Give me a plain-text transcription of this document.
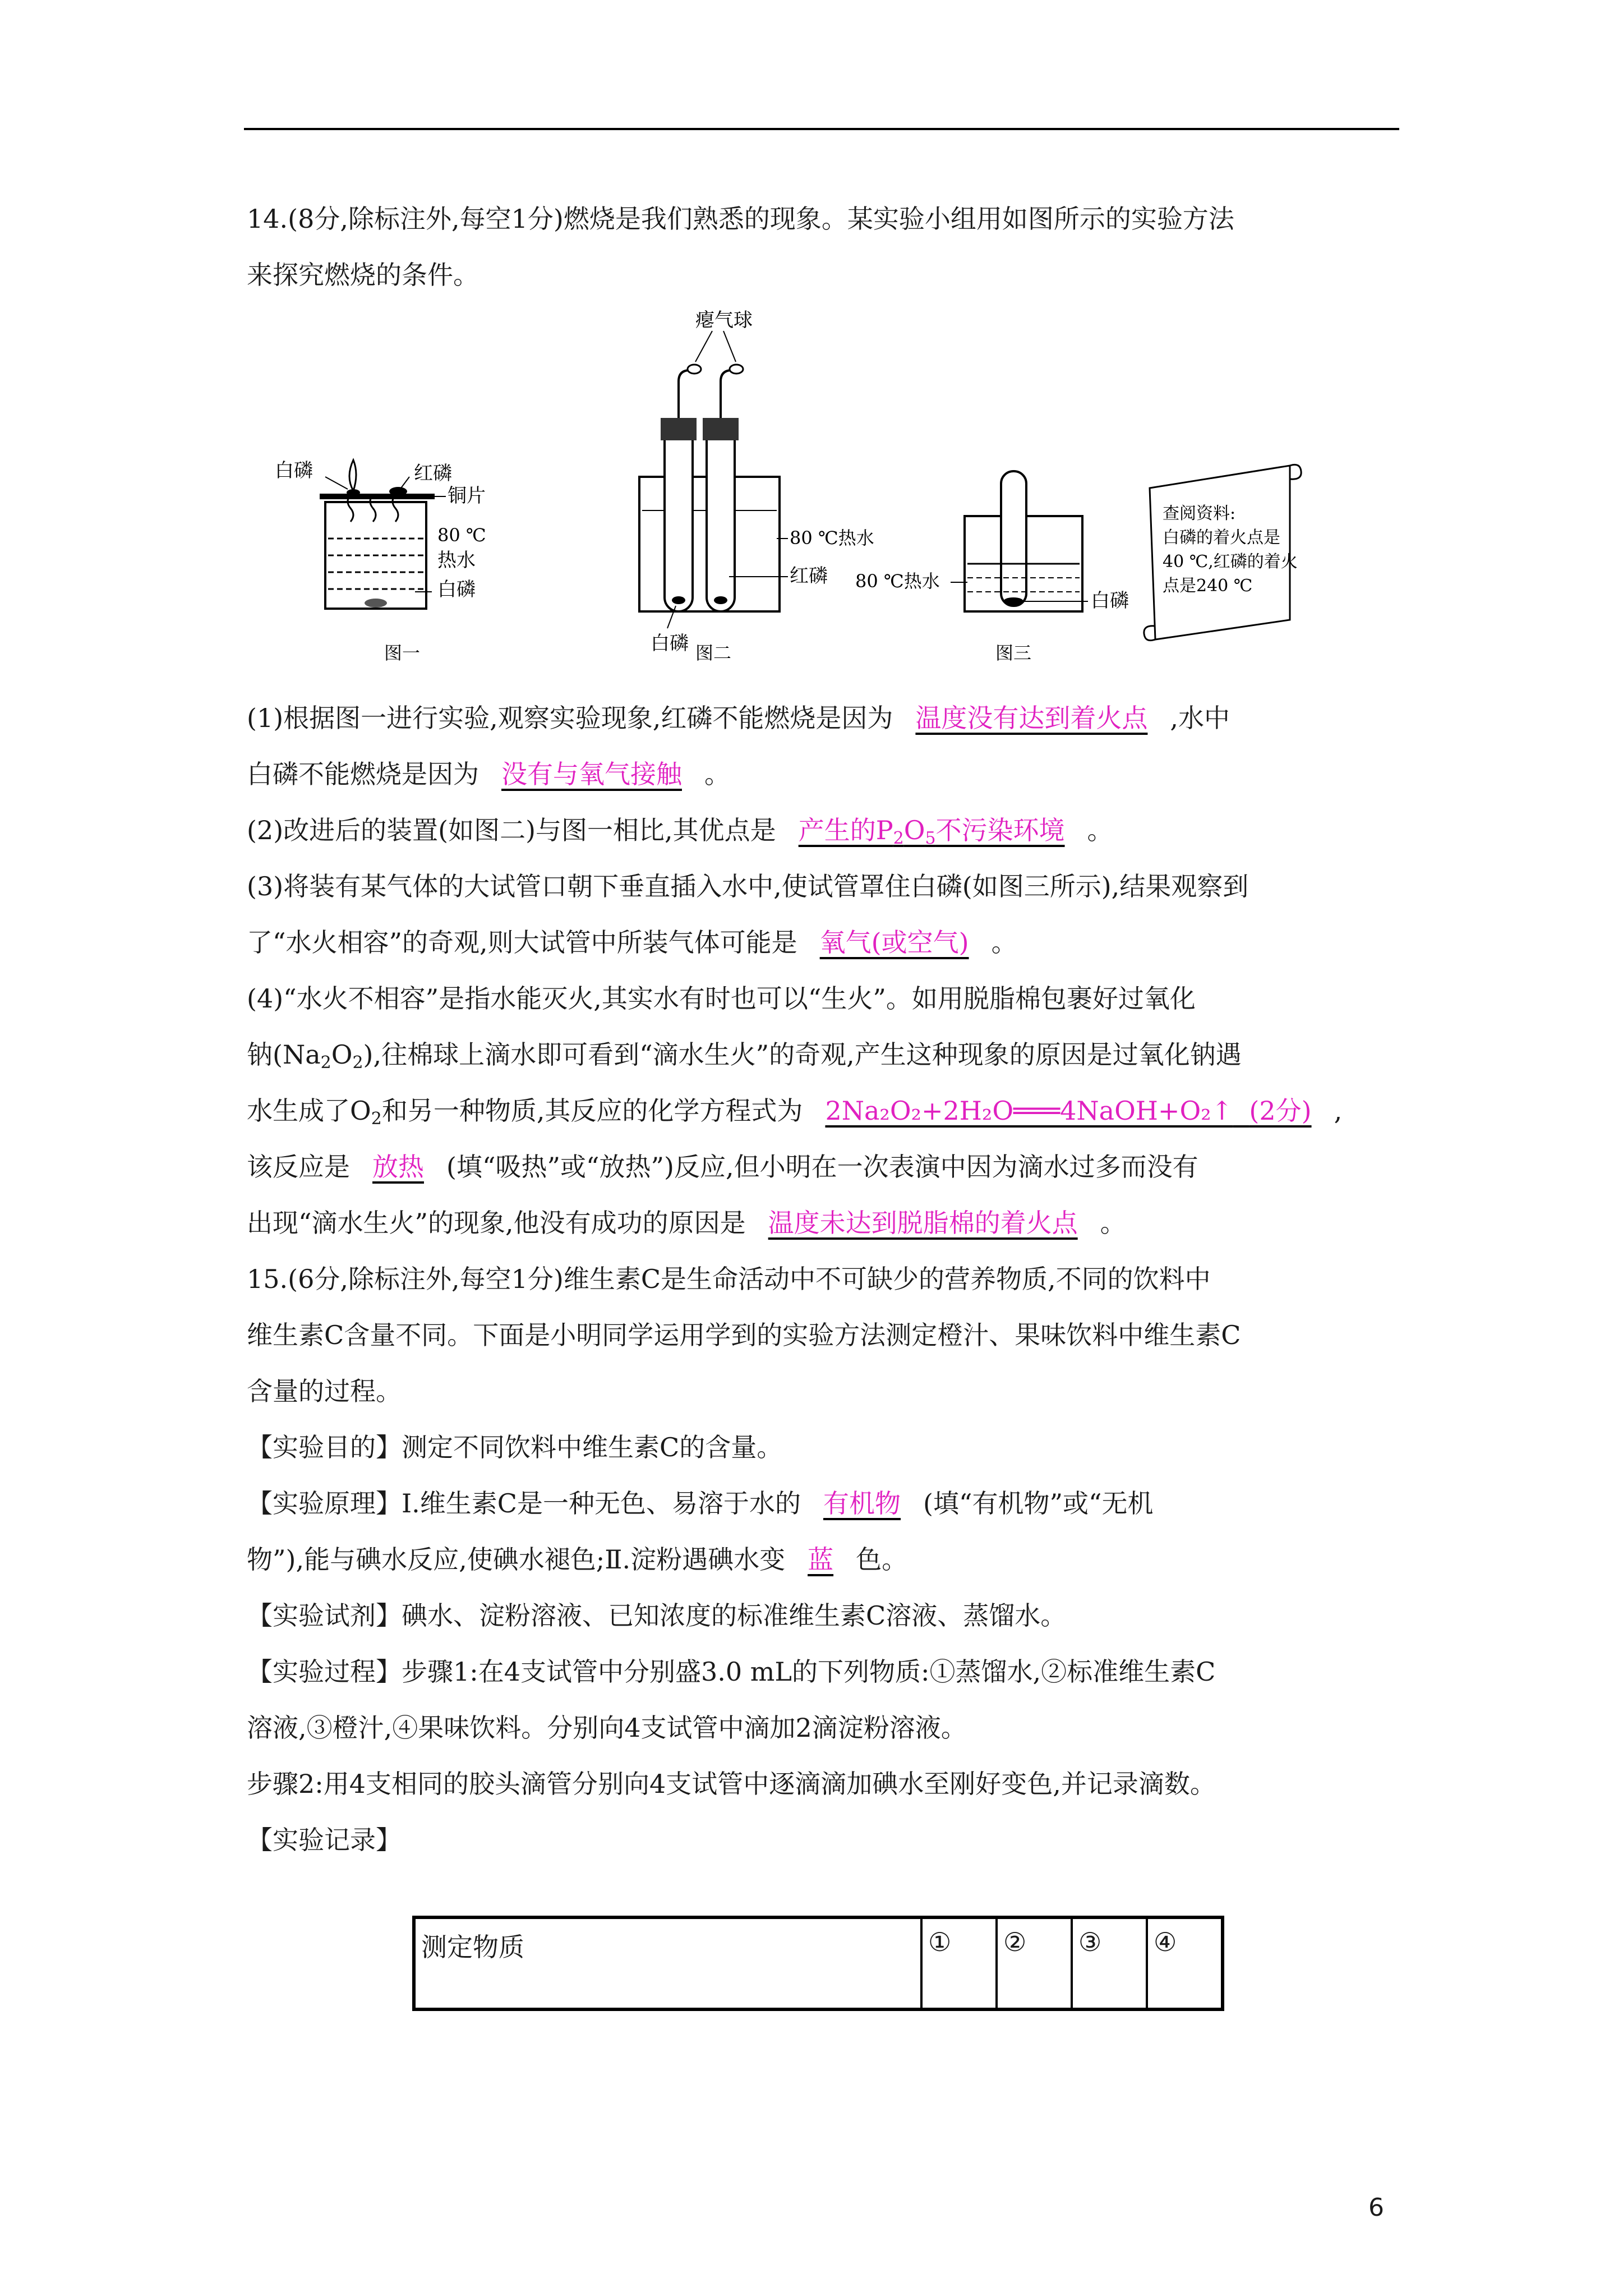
14.(8分,除标注外,每空1分)燃烧是我们熟悉的现象。某实验小组用如图所示的实验方法
来探究燃烧的条件。
白磷	红磷
铜片
80 ℃
热水
白磷
图一
瘪气球
80 ℃热水
红磷
白磷 图二
80 ℃热水
白磷
图三
查阅资料:
白磷的着火点是
40 ℃,红磷的着火
点是240 ℃
(1)根据图一进行实验,观察实验现象,红磷不能燃烧是因为 温度没有达到着火点 ,水中
白磷不能燃烧是因为 没有与氧气接触 。
(2)改进后的装置(如图二)与图一相比,其优点是 产生的$P_2O_5$不污染环境 。
(3)将装有某气体的大试管口朝下垂直插入水中,使试管罩住白磷(如图三所示),结果观察到
了“水火相容”的奇观,则大试管中所装气体可能是 氧气(或空气) 。
(4)“水火不相容”是指水能灭火,其实水有时也可以“生火”。如用脱脂棉包裹好过氧化
钠$(Na_2O_2)$,往棉球上滴水即可看到“滴水生火”的奇观,产生这种现象的原因是过氧化钠遇
水生成了$O_2$和另一种物质,其反应的化学方程式为 2Na₂O₂+2H₂O═══4NaOH+O₂↑ (2分) ,
该反应是 放热 (填“吸热”或“放热”)反应,但小明在一次表演中因为滴水过多而没有
出现“滴水生火”的现象,他没有成功的原因是 温度未达到脱脂棉的着火点 。
15.(6分,除标注外,每空1分)维生素C是生命活动中不可缺少的营养物质,不同的饮料中
维生素C含量不同。下面是小明同学运用学到的实验方法测定橙汁、果味饮料中维生素C
含量的过程。
【实验目的】测定不同饮料中维生素C的含量。
【实验原理】Ⅰ.维生素C是一种无色、易溶于水的 有机物 (填“有机物”或“无机
物”),能与碘水反应,使碘水褪色;Ⅱ.淀粉遇碘水变 蓝 色。
【实验试剂】碘水、淀粉溶液、已知浓度的标准维生素C溶液、蒸馏水。
【实验过程】步骤1:在4支试管中分别盛3.0 mL的下列物质:①蒸馏水,②标准维生素C
溶液,③橙汁,④果味饮料。分别向4支试管中滴加2滴淀粉溶液。
步骤2:用4支相同的胶头滴管分别向4支试管中逐滴滴加碘水至刚好变色,并记录滴数。
【实验记录】
测定物质	①	②	③	④
6
